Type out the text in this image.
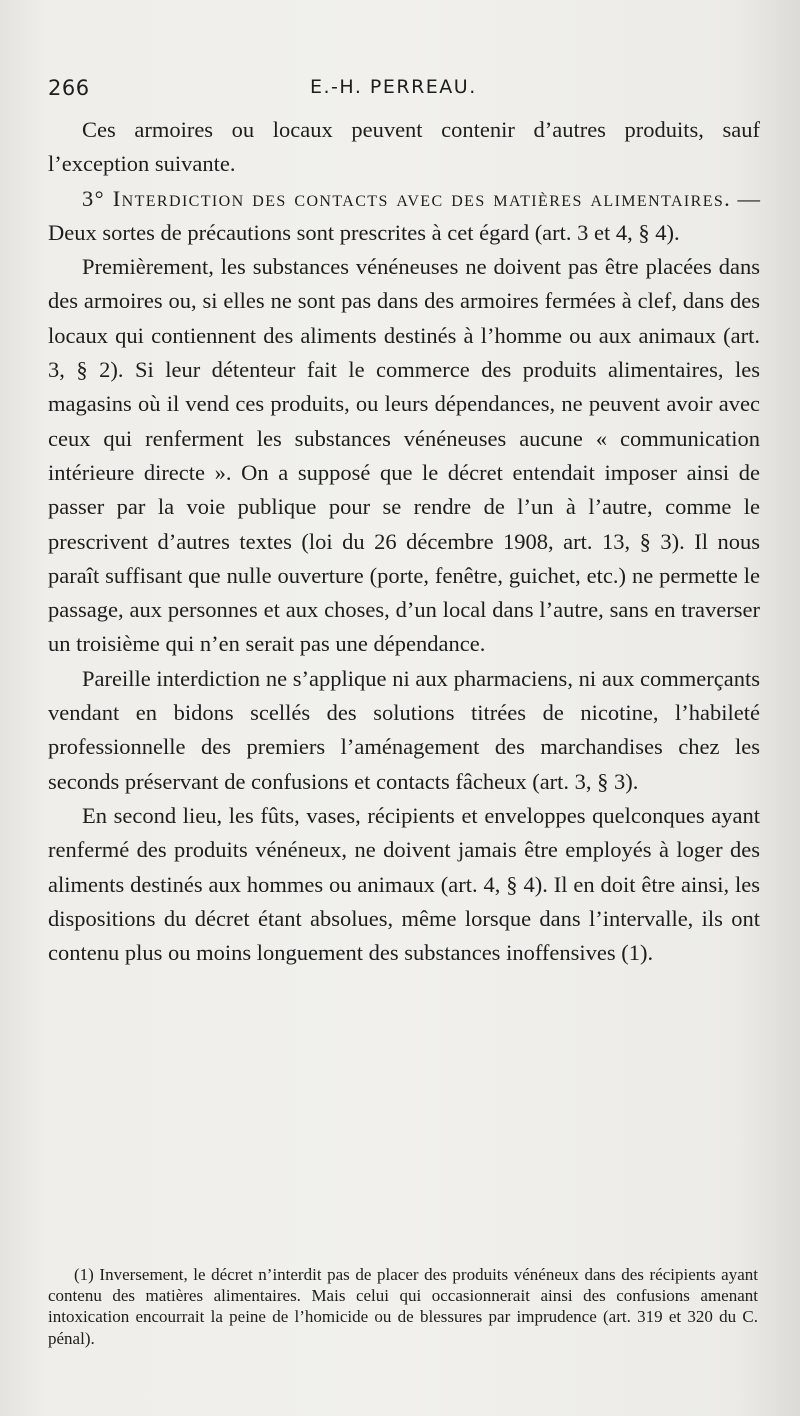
266	E.-H. PERREAU.

Ces armoires ou locaux peuvent contenir d’autres produits, sauf l’exception suivante.

3° Interdiction des contacts avec des matières alimentaires. — Deux sortes de précautions sont prescrites à cet égard (art. 3 et 4, § 4).

Premièrement, les substances vénéneuses ne doivent pas être placées dans des armoires ou, si elles ne sont pas dans des armoires fermées à clef, dans des locaux qui contiennent des aliments destinés à l’homme ou aux animaux (art. 3, § 2). Si leur détenteur fait le commerce des produits alimentaires, les magasins où il vend ces produits, ou leurs dépendances, ne peuvent avoir avec ceux qui renferment les substances vénéneuses aucune « communication intérieure directe ». On a supposé que le décret entendait imposer ainsi de passer par la voie publique pour se rendre de l’un à l’autre, comme le prescrivent d’autres textes (loi du 26 décembre 1908, art. 13, § 3). Il nous paraît suffisant que nulle ouverture (porte, fenêtre, guichet, etc.) ne permette le passage, aux personnes et aux choses, d’un local dans l’autre, sans en traverser un troisième qui n’en serait pas une dépendance.

Pareille interdiction ne s’applique ni aux pharmaciens, ni aux commerçants vendant en bidons scellés des solutions titrées de nicotine, l’habileté professionnelle des premiers l’aménagement des marchandises chez les seconds préservant de confusions et contacts fâcheux (art. 3, § 3).

En second lieu, les fûts, vases, récipients et enveloppes quelconques ayant renfermé des produits vénéneux, ne doivent jamais être employés à loger des aliments destinés aux hommes ou animaux (art. 4, § 4). Il en doit être ainsi, les dispositions du décret étant absolues, même lorsque dans l’intervalle, ils ont contenu plus ou moins longuement des substances inoffensives (1).

(1) Inversement, le décret n’interdit pas de placer des produits vénéneux dans des récipients ayant contenu des matières alimentaires. Mais celui qui occasionnerait ainsi des confusions amenant intoxication encourrait la peine de l’homicide ou de blessures par imprudence (art. 319 et 320 du C. pénal).
